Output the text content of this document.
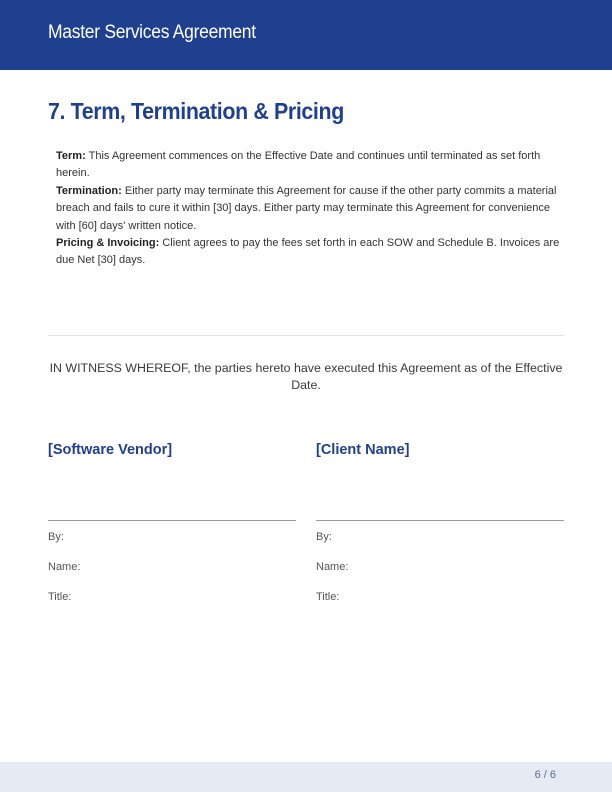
Master Services Agreement
7. Term, Termination & Pricing

Term: This Agreement commences on the Effective Date and continues until terminated as set forth herein.

Termination: Either party may terminate this Agreement for cause if the other party commits a material breach and fails to cure it within [30] days. Either party may terminate this Agreement for convenience with [60] days' written notice.

Pricing & Invoicing: Client agrees to pay the fees set forth in each SOW and Schedule B. Invoices are due Net [30] days.

IN WITNESS WHEREOF, the parties hereto have executed this Agreement as of the Effective Date.
[Software Vendor]
By:
Name:
Title:
[Client Name]
By:
Name:
Title:
6 / 6
